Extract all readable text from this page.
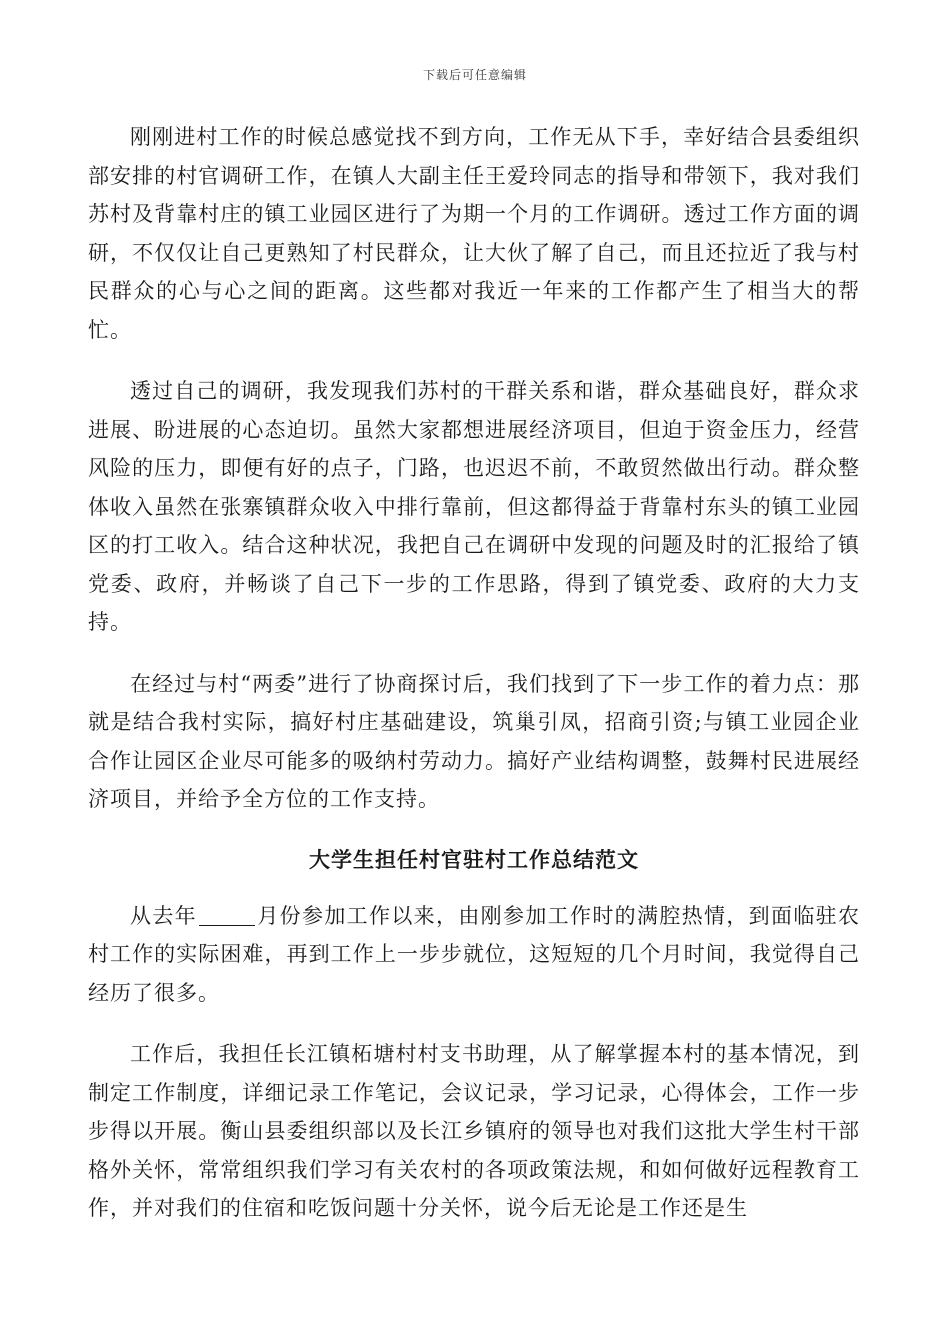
下载后可任意编辑

刚刚进村工作的时候总感觉找不到方向，工作无从下手，幸好结合县委组织部安排的村官调研工作，在镇人大副主任王爱玲同志的指导和带领下，我对我们苏村及背靠村庄的镇工业园区进行了为期一个月的工作调研。透过工作方面的调研，不仅仅让自己更熟知了村民群众，让大伙了解了自己，而且还拉近了我与村民群众的心与心之间的距离。这些都对我近一年来的工作都产生了相当大的帮忙。

透过自己的调研，我发现我们苏村的干群关系和谐，群众基础良好，群众求进展、盼进展的心态迫切。虽然大家都想进展经济项目，但迫于资金压力，经营风险的压力，即便有好的点子，门路，也迟迟不前，不敢贸然做出行动。群众整体收入虽然在张寨镇群众收入中排行靠前，但这都得益于背靠村东头的镇工业园区的打工收入。结合这种状况，我把自己在调研中发现的问题及时的汇报给了镇党委、政府，并畅谈了自己下一步的工作思路，得到了镇党委、政府的大力支持。

在经过与村“两委”进行了协商探讨后，我们找到了下一步工作的着力点：那就是结合我村实际，搞好村庄基础建设，筑巢引凤，招商引资;与镇工业园企业合作让园区企业尽可能多的吸纳村劳动力。搞好产业结构调整，鼓舞村民进展经济项目，并给予全方位的工作支持。

大学生担任村官驻村工作总结范文

从去年	月份参加工作以来，由刚参加工作时的满腔热情，到面临驻农村工作的实际困难，再到工作上一步步就位，这短短的几个月时间，我觉得自己经历了很多。

工作后，我担任长江镇柘塘村村支书助理，从了解掌握本村的基本情况，到制定工作制度，详细记录工作笔记，会议记录，学习记录，心得体会，工作一步步得以开展。衡山县委组织部以及长江乡镇府的领导也对我们这批大学生村干部格外关怀，常常组织我们学习有关农村的各项政策法规，和如何做好远程教育工作，并对我们的住宿和吃饭问题十分关怀，说今后无论是工作还是生
